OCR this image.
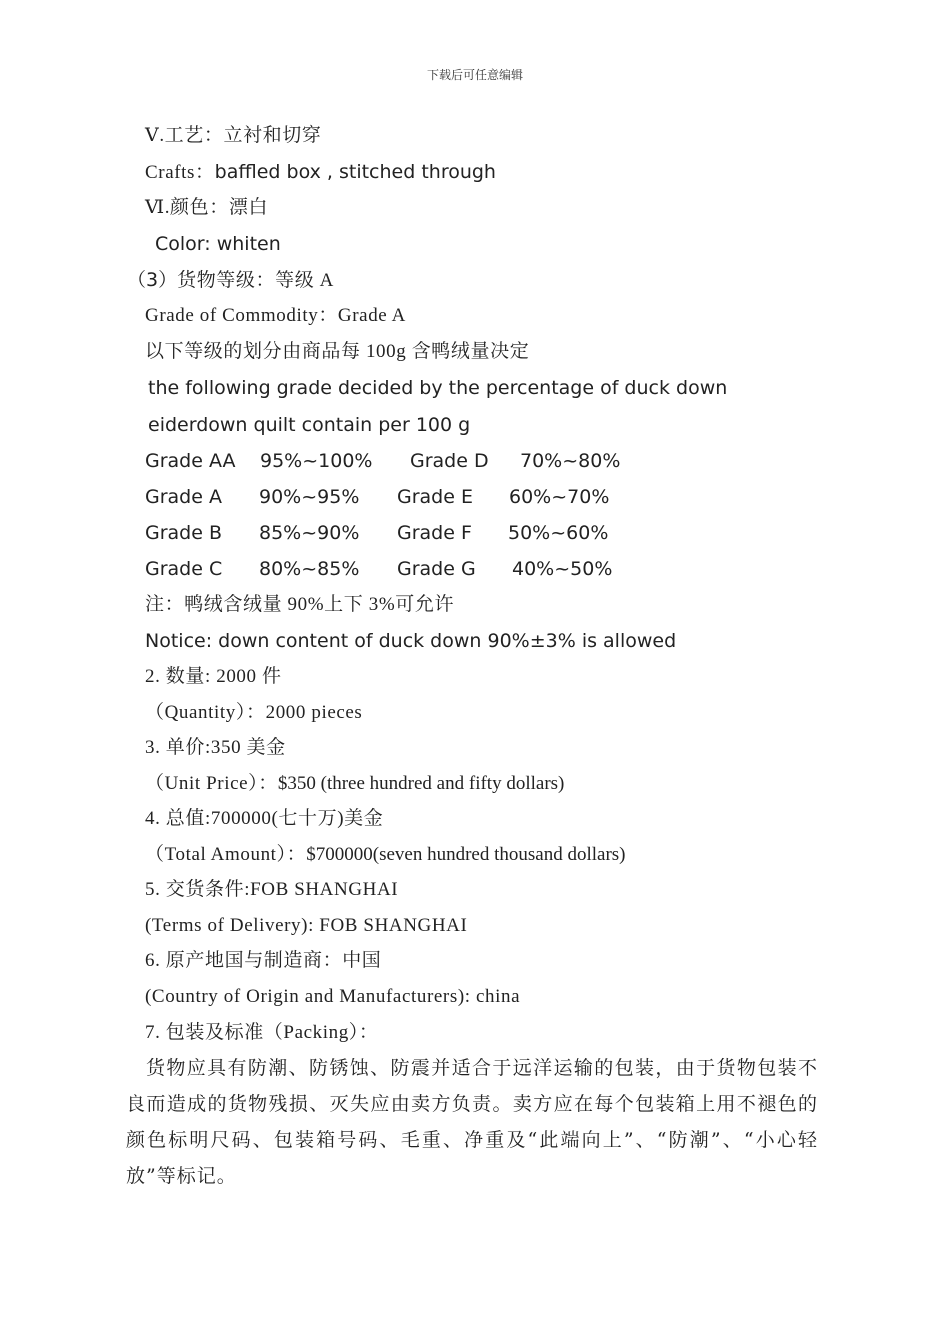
下载后可任意编辑
Ⅴ.工艺：立衬和切穿
Crafts：baffled box , stitched through
Ⅵ.颜色：漂白
Color: whiten
（3）货物等级：等级 A
Grade of Commodity：Grade A
以下等级的划分由商品每 100g 含鸭绒量决定
the following grade decided by the percentage of duck down
eiderdown quilt contain per 100 g

Grade AA

95%~100%

Grade D

70%~80%

Grade A

90%~95%

Grade E

60%~70%

Grade B

85%~90%

Grade F

50%~60%

Grade C

80%~85%

Grade G

40%~50%

注：鸭绒含绒量 90%上下 3%可允许
Notice: down content of duck down 90%±3% is allowed
2. 数量: 2000 件
（Quantity）：2000 pieces
3. 单价:350 美金
（Unit Price）：$350 (three hundred and fifty dollars)
4. 总值:700000(七十万)美金
（Total Amount）：$700000(seven hundred thousand dollars)
5. 交货条件:FOB SHANGHAI
(Terms of Delivery): FOB SHANGHAI
6. 原产地国与制造商：中国
(Country of Origin and Manufacturers): china
7. 包装及标准（Packing）：
货物应具有防潮、防锈蚀、防震并适合于远洋运输的包装，由于货物包装不良而造成的货物残损、灭失应由卖方负责。卖方应在每个包装箱上用不褪色的颜色标明尺码、包装箱号码、毛重、净重及“此端向上”、“防潮”、“小心轻放”等标记。
